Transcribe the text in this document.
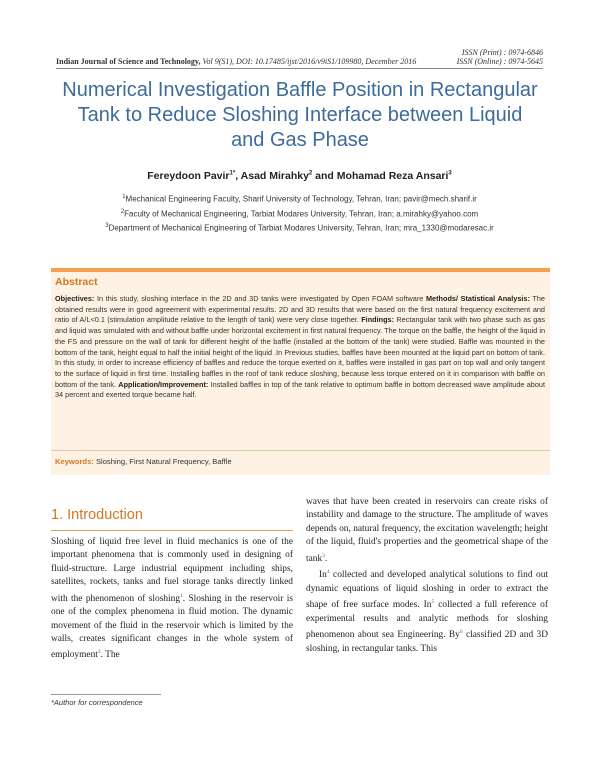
ISSN (Print) : 0974-6846
ISSN (Online) : 0974-5645
Indian Journal of Science and Technology, Vol 9(S1), DOI: 10.17485/ijst/2016/v9iS1/109980, December 2016
Numerical Investigation Baffle Position in Rectangular Tank to Reduce Sloshing Interface between Liquid and Gas Phase
Fereydoon Pavir$^{1*}$, Asad Mirahky$^2$ and Mohamad Reza Ansari$^3$
$^1$Mechanical Engineering Faculty, Sharif University of Technology, Tehran, Iran; pavir@mech.sharif.ir
$^2$Faculty of Mechanical Engineering, Tarbiat Modares University, Tehran, Iran; a.mirahky@yahoo.com
$^3$Department of Mechanical Engineering of Tarbiat Modares University, Tehran, Iran; mra_1330@modaresac.ir
Abstract
Objectives: In this study, sloshing interface in the 2D and 3D tanks were investigated by Open FOAM software Methods/ Statistical Analysis: The obtained results were in good agreement with experimental results. 2D and 3D results that were based on the first natural frequency excitement and ratio of A/L<0.1 (stimulation amplitude relative to the length of tank) were very close together. Findings: Rectangular tank with two phase such as gas and liquid was simulated with and without baffle under horizontal excitement in first natural frequency. The torque on the baffle, the height of the liquid in the FS and pressure on the wall of tank for different height of the baffle (installed at the bottom of the tank) were studied. Baffle was mounted in the bottom of the tank, height equal to half the initial height of the liquid .In Previous studies, baffles have been mounted at the liquid part on bottom of tank. In this study, in order to increase efficiency of baffles and reduce the torque exerted on it, baffles were installed in gas part on top wall and only tangent to the surface of liquid in first time. Installing baffles in the roof of tank reduce sloshing, because less torque entered on it in comparison with baffle on bottom of the tank. Application/Improvement: Installed baffles in top of the tank relative to optimum baffle in bottom decreased wave amplitude about 34 percent and exerted torque became half.
Keywords: Sloshing, First Natural Frequency, Baffle
1. Introduction

Sloshing of liquid free level in fluid mechanics is one of the important phenomena that is commonly used in designing of fluid-structure. Large industrial equipment including ships, satellites, rockets, tanks and fuel storage tanks directly linked with the phenomenon of sloshing$^1$. Sloshing in the reservoir is one of the complex phenomena in fluid motion. The dynamic movement of the fluid in the reservoir which is limited by the walls, creates significant changes in the whole system of employment$^2$. The

waves that have been created in reservoirs can create risks of instability and damage to the structure. The amplitude of waves depends on, natural frequency, the excitation wavelength; height of the liquid, fluid's properties and the geometrical shape of the tank$^3$.

In$^4$ collected and developed analytical solutions to find out dynamic equations of liquid sloshing in order to extract the shape of free surface modes. In$^5$ collected a full reference of experimental results and analytic methods for sloshing phenomenon about sea Engineering. By$^6$ classified 2D and 3D sloshing, in rectangular tanks. This

*Author for correspondence
